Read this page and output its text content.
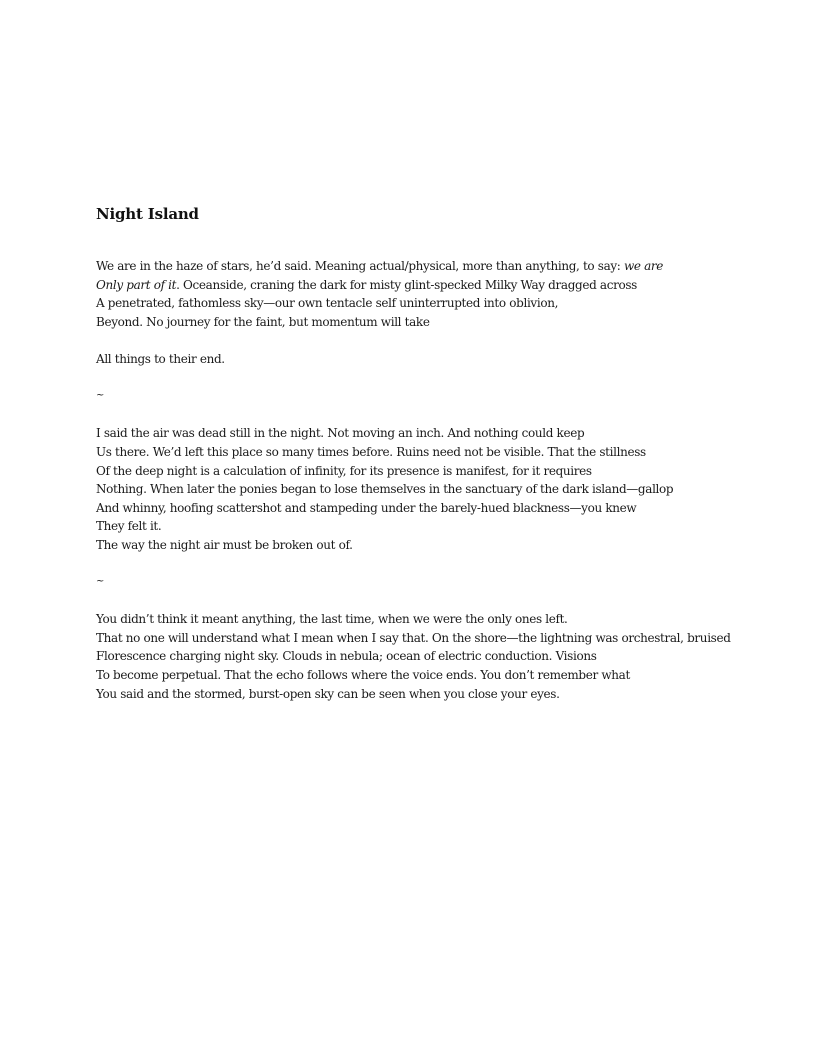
Night Island

We are in the haze of stars, he’d said. Meaning actual/physical, more than anything, to say: we are
Only part of it. Oceanside, craning the dark for misty glint-specked Milky Way dragged across
A penetrated, fathomless sky—our own tentacle self uninterrupted into oblivion,
Beyond. No journey for the faint, but momentum will take

All things to their end.

~

I said the air was dead still in the night. Not moving an inch. And nothing could keep
Us there. We’d left this place so many times before. Ruins need not be visible. That the stillness
Of the deep night is a calculation of infinity, for its presence is manifest, for it requires
Nothing. When later the ponies began to lose themselves in the sanctuary of the dark island—gallop
And whinny, hoofing scattershot and stampeding under the barely-hued blackness—you knew
They felt it.
The way the night air must be broken out of.

~

You didn’t think it meant anything, the last time, when we were the only ones left.
That no one will understand what I mean when I say that. On the shore—the lightning was orchestral, bruised
Florescence charging night sky. Clouds in nebula; ocean of electric conduction. Visions
To become perpetual. That the echo follows where the voice ends. You don’t remember what
You said and the stormed, burst-open sky can be seen when you close your eyes.
